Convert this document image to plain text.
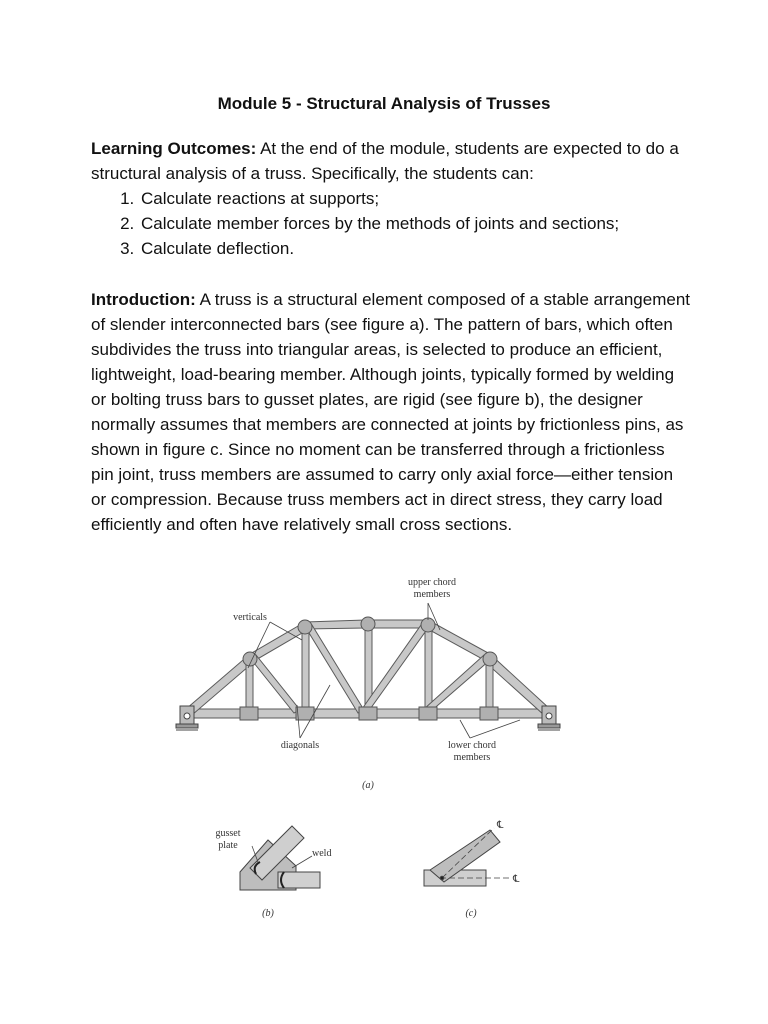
Module 5 - Structural Analysis of Trusses

Learning Outcomes: At the end of the module, students are expected to do a structural analysis of a truss. Specifically, the students can:

1. Calculate reactions at supports;
2. Calculate member forces by the methods of joints and sections;
3. Calculate deflection.

Introduction: A truss is a structural element composed of a stable arrangement of slender interconnected bars (see figure a). The pattern of bars, which often subdivides the truss into triangular areas, is selected to produce an efficient, lightweight, load-bearing member. Although joints, typically formed by welding or bolting truss bars to gusset plates, are rigid (see figure b), the designer normally assumes that members are connected at joints by frictionless pins, as shown in figure c. Since no moment can be transferred through a frictionless pin joint, truss members are assumed to carry only axial force—either tension or compression. Because truss members act in direct stress, they carry load efficiently and often have relatively small cross sections.

upper chord
members
verticals
diagonals	lower chord
members
(a)
gusset
plate
weld
(b)
℄
℄
(c)
